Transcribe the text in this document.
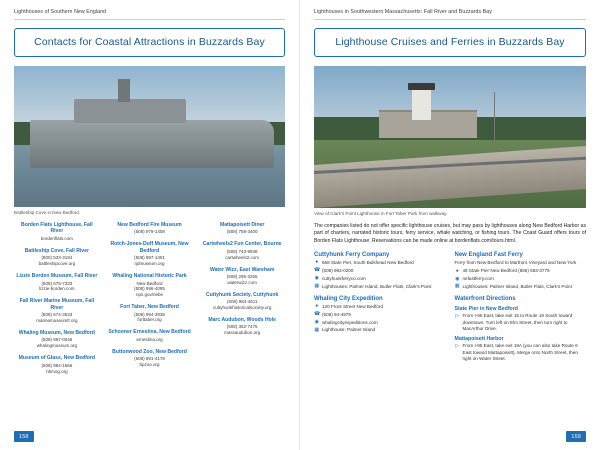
Lighthouses of Southern New England
Contacts for Coastal Attractions in Buzzards Bay
Battleship Cove in New Bedford.
Borden Flats Lighthouse, Fall River
bordenflats.com
Battleship Cove, Fall River
(800) 533-3194
battleshipcove.org
Lizzie Borden Museum, Fall River
(508) 675-7333
lizzie-borden.com
Fall River Marine Museum, Fall River
(508) 674-3533
marinemuseumfr.org
Whaling Museum, New Bedford
(508) 997-0046
whalingmuseum.org
Museum of Glass, New Bedford
(508) 984-1666
nbmog.org
New Bedford Fire Museum
(508) 979-1408
Rotch-Jones-Duff Museum, New Bedford
(508) 997-1401
rjdmuseum.org
Whaling National Historic Park
New Bedford
(508) 996-4095
nps.gov/nebe
Fort Taber, New Bedford
(508) 994-3938
forttaber.org
Schooner Ernestina, New Bedford
ernestina.org
Buttonwood Zoo, New Bedford
(508) 991-4178
bpzoo.org
Mattapoisett Diner
(508) 758-3400
Cartwheels2 Fun Center, Bourne
(508) 743-9938
cartwheels2.com
Water Wizz, East Wareham
(508) 295-3255
waterwizz.com
Cuttyhunk Society, Cuttyhunk
(508) 984-4611
cuttyhunkhistoricalsociety.org
Marc Audubon, Woods Hole
(508) 362-7475
massaudubon.org
158
Lighthouses in Southwestern Massachusetts: Fall River and Buzzards Bay
Lighthouse Cruises and Ferries in Buzzards Bay
View of Clark's Point Lighthouse in Fort Taber Park from walkway.
The companies listed do not offer specific lighthouse cruises, but may pass by lighthouses along New Bedford Harbor as part of charters, narrated historic tours, ferry service, whale watching, or fishing tours. The Coast Guard offers tours of Borden Flats Lighthouse. Reservations can be made online at bordenflats.com/tours.html.
Cuttyhunk Ferry Company
● 668 State Pier, South Bulkhead New Bedford
☎ (508) 992-0200
◉ cuttyhunkferryco.com
▦ Lighthouses: Palmer Island, Butler Flats, Clark's Point
Whaling City Expedition
● 120 Front Street New Bedford
☎ (508) 94-4979
◉ whalingcityexpeditions.com
▦ Lighthouse: Palmer Island
New England Fast Ferry
Ferry from New Bedford to Martha's Vineyard and New York
● 49 State Pier New Bedford (866) 683-3779
◉ nefastferry.com
▦ Lighthouses: Palmer Island, Butler Flats, Clark's Point
Waterfront Directions
State Pier in New Bedford
▷ From I-95 East, take exit 15 to Route 18 South toward downtown. Turn left on Elm Street, then turn right to MacArthur Drive.
Mattapoisett Harbor
▷ From I-95 East, take exit 19A (you can also take Route 6 East toward Mattapoisett). Merge onto North Street, then right on Water Street.
159
